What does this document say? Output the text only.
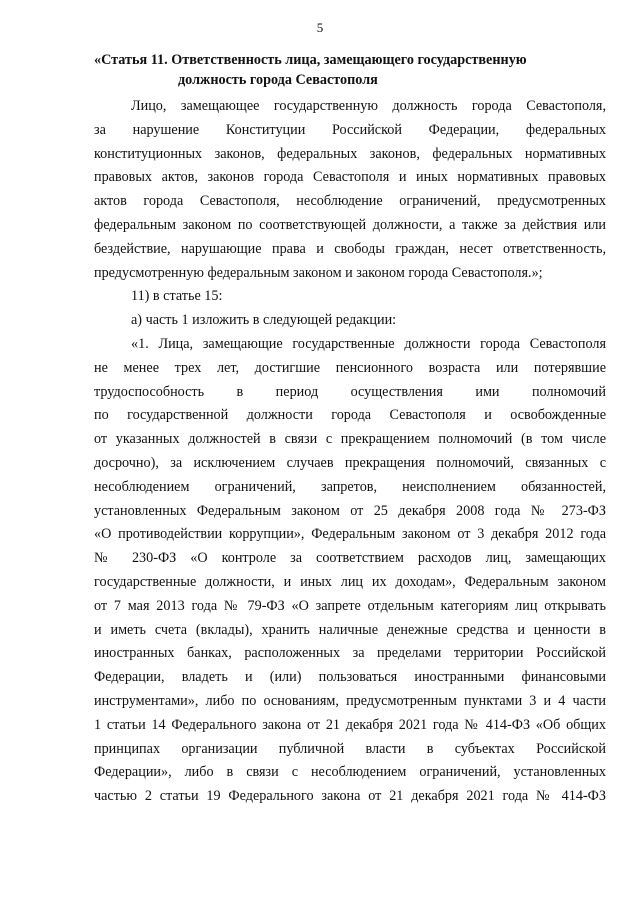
5
«Статья 11. Ответственность лица, замещающего государственную
должность города Севастополя
Лицо, замещающее государственную должность города Севастополя,
за нарушение Конституции Российской Федерации, федеральных
конституционных законов, федеральных законов, федеральных нормативных
правовых актов, законов города Севастополя и иных нормативных правовых
актов города Севастополя, несоблюдение ограничений, предусмотренных
федеральным законом по соответствующей должности, а также за действия или
бездействие, нарушающие права и свободы граждан, несет ответственность,
предусмотренную федеральным законом и законом города Севастополя.»;
11) в статье 15:
а) часть 1 изложить в следующей редакции:
«1. Лица, замещающие государственные должности города Севастополя
не менее трех лет, достигшие пенсионного возраста или потерявшие
трудоспособность в период осуществления ими полномочий
по государственной должности города Севастополя и освобожденные
от указанных должностей в связи с прекращением полномочий (в том числе
досрочно), за исключением случаев прекращения полномочий, связанных с
несоблюдением ограничений, запретов, неисполнением обязанностей,
установленных Федеральным законом от 25 декабря 2008 года № 273-ФЗ
«О противодействии коррупции», Федеральным законом от 3 декабря 2012 года
№ 230-ФЗ «О контроле за соответствием расходов лиц, замещающих
государственные должности, и иных лиц их доходам», Федеральным законом
от 7 мая 2013 года № 79-ФЗ «О запрете отдельным категориям лиц открывать
и иметь счета (вклады), хранить наличные денежные средства и ценности в
иностранных банках, расположенных за пределами территории Российской
Федерации, владеть и (или) пользоваться иностранными финансовыми
инструментами», либо по основаниям, предусмотренным пунктами 3 и 4 части
1 статьи 14 Федерального закона от 21 декабря 2021 года № 414-ФЗ «Об общих
принципах организации публичной власти в субъектах Российской
Федерации», либо в связи с несоблюдением ограничений, установленных
частью 2 статьи 19 Федерального закона от 21 декабря 2021 года № 414-ФЗ
